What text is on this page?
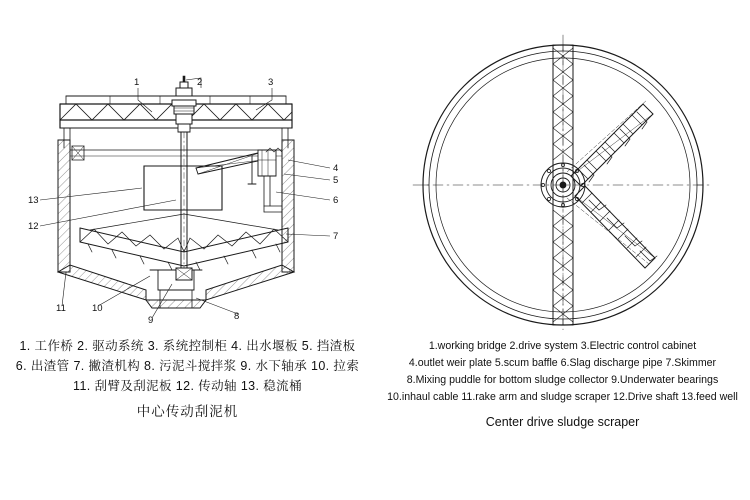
1	2	3
4
5
6
7
8
9
10
11
12
13
1. 工作桥 2. 驱动系统 3. 系统控制柜 4. 出水堰板 5. 挡渣板
6. 出渣管 7. 撇渣机构 8. 污泥斗搅拌浆 9. 水下轴承 10. 拉索
11. 刮臂及刮泥板 12. 传动轴 13. 稳流桶
中心传动刮泥机
1.working bridge 2.drive system 3.Electric control cabinet
4.outlet weir plate 5.scum baffle 6.Slag discharge pipe 7.Skimmer
8.Mixing puddle for bottom sludge collector 9.Underwater bearings
10.inhaul cable 11.rake arm and sludge scraper 12.Drive shaft 13.feed well
Center drive sludge scraper
